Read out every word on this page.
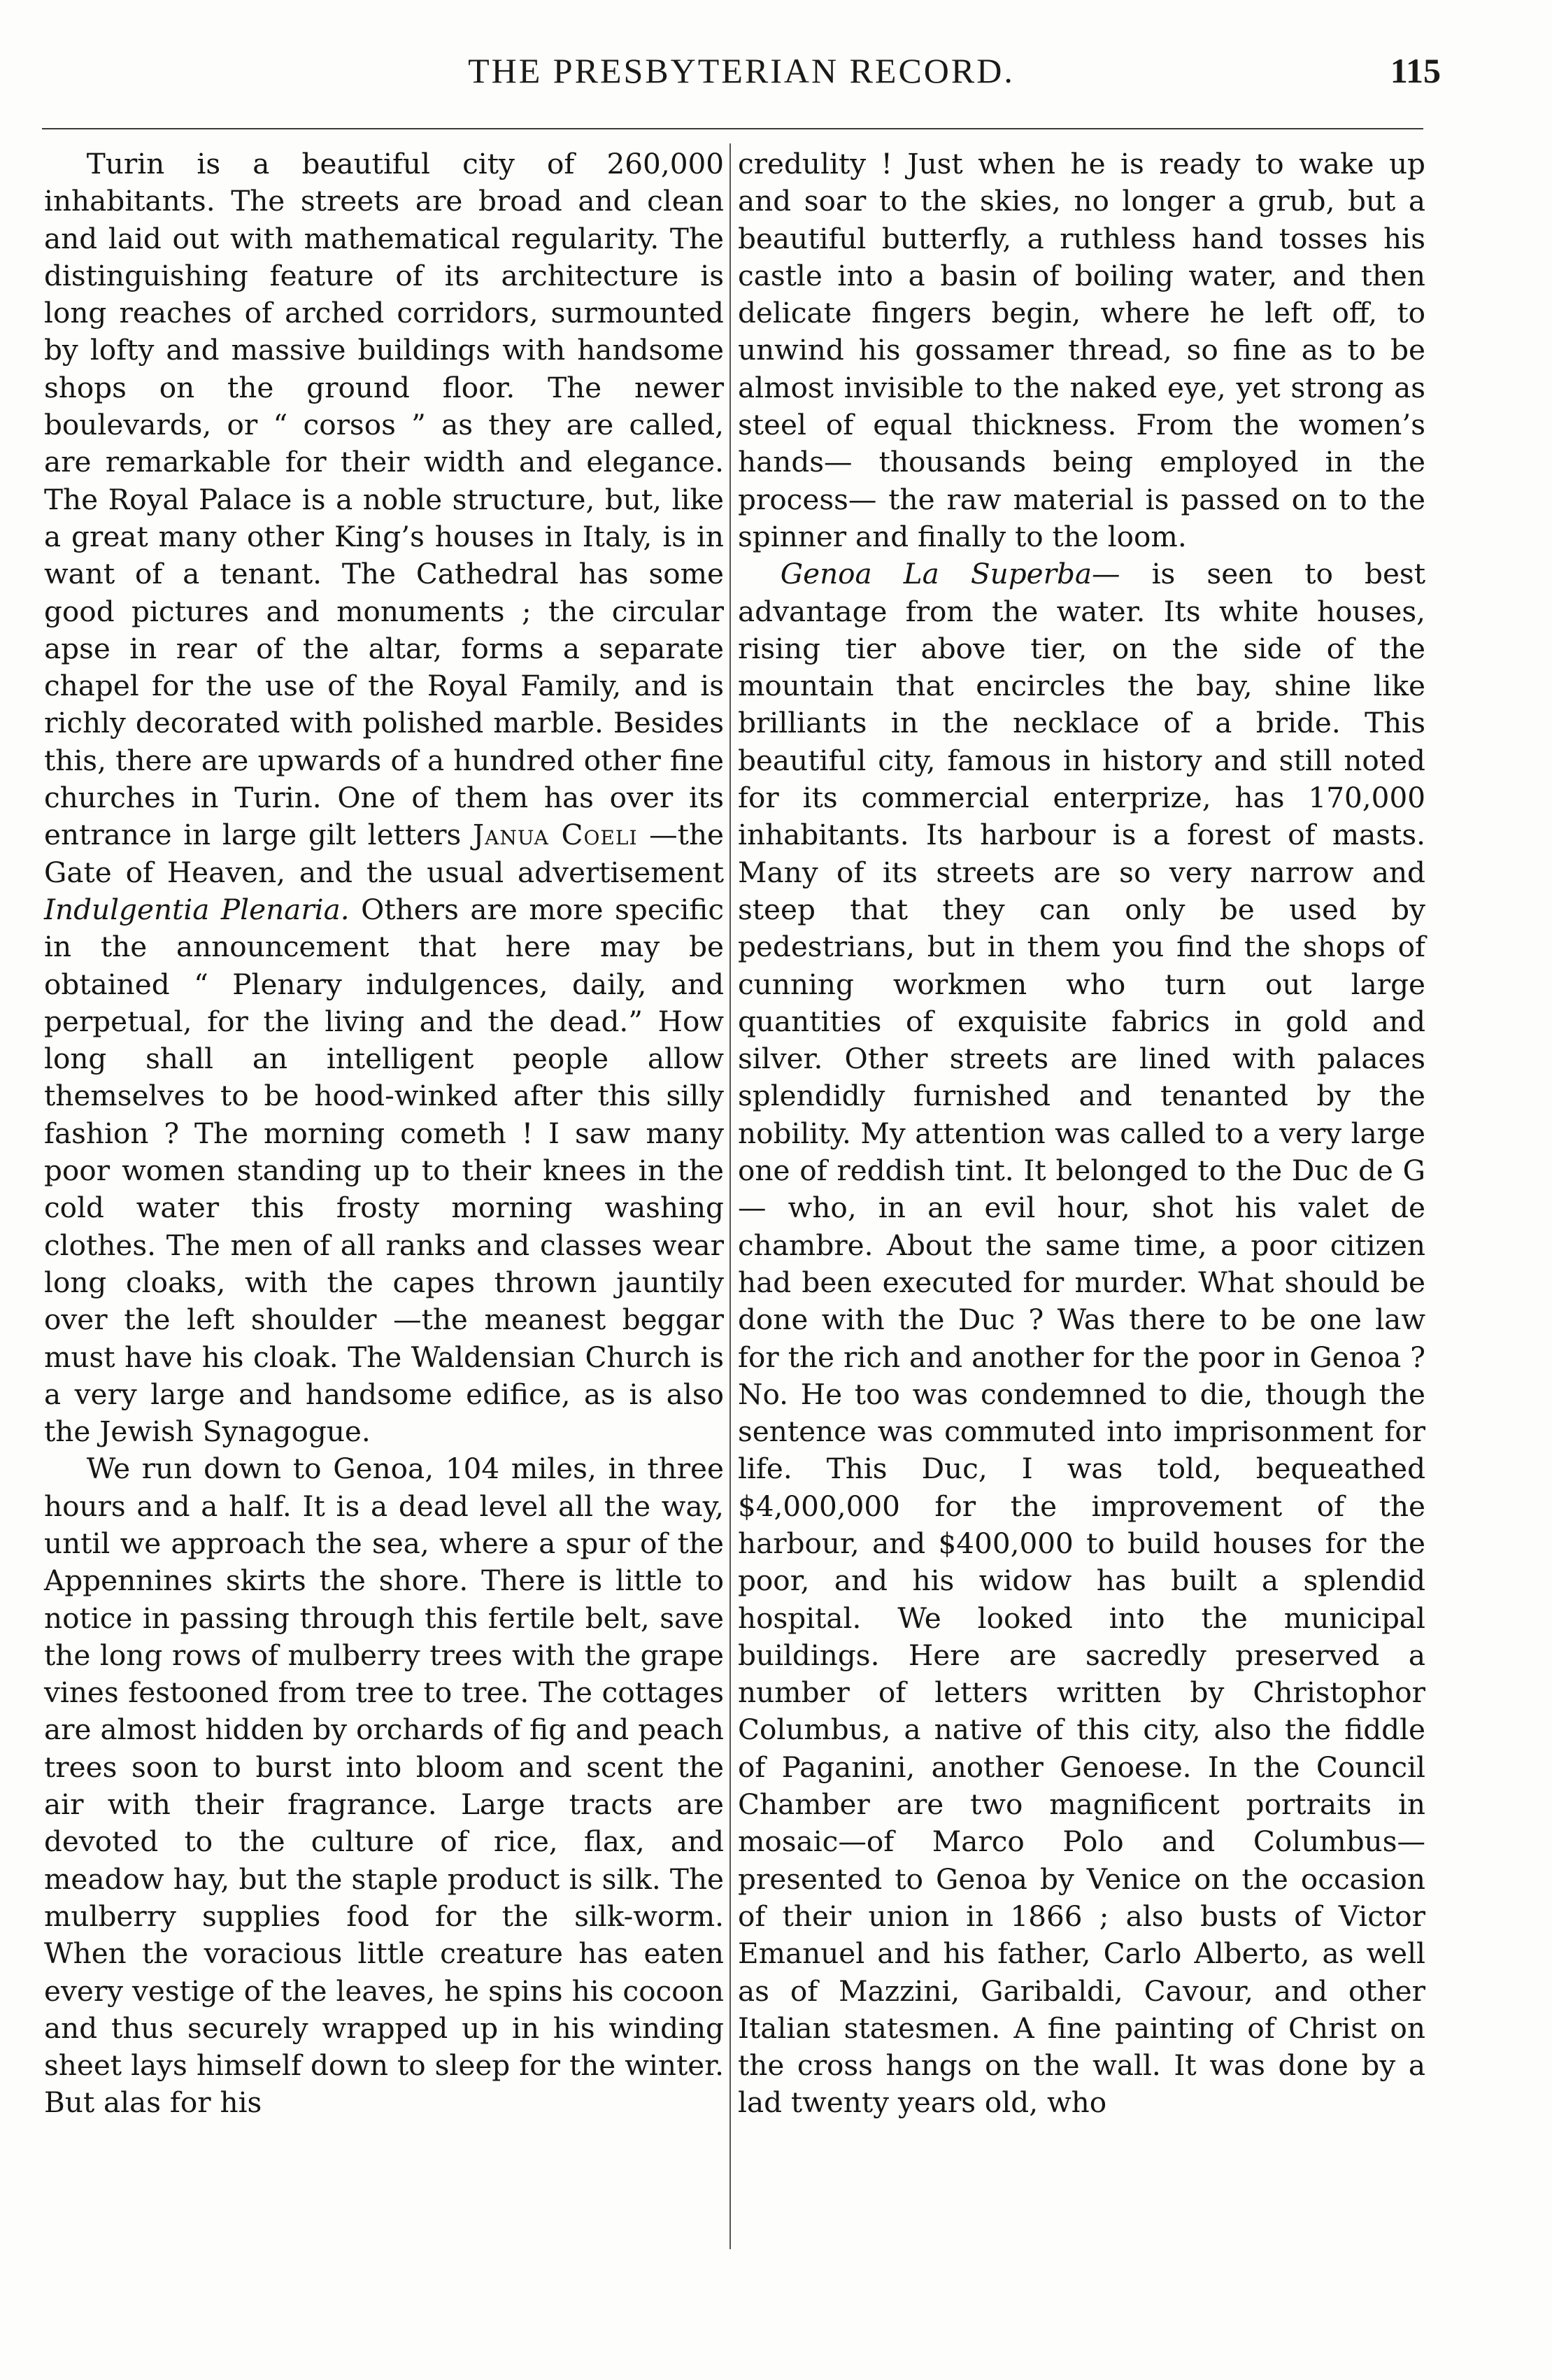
THE PRESBYTERIAN RECORD.	115

Turin is a beautiful city of 260,000 inhabitants. The streets are broad and clean and laid out with mathematical regularity. The distinguishing feature of its architecture is long reaches of arched corridors, surmounted by lofty and massive buildings with handsome shops on the ground floor. The newer boulevards, or “ corsos ” as they are called, are remarkable for their width and elegance. The Royal Palace is a noble structure, but, like a great many other King’s houses in Italy, is in want of a tenant. The Cathedral has some good pictures and monuments ; the circular apse in rear of the altar, forms a separate chapel for the use of the Royal Family, and is richly decorated with polished marble. Besides this, there are upwards of a hundred other fine churches in Turin. One of them has over its entrance in large gilt letters Janua Coeli —the Gate of Heaven, and the usual advertisement Indulgentia Plenaria. Others are more specific in the announcement that here may be obtained “ Plenary indulgences, daily, and perpetual, for the living and the dead.” How long shall an intelligent people allow themselves to be hood-winked after this silly fashion ? The morning cometh ! I saw many poor women standing up to their knees in the cold water this frosty morning washing clothes. The men of all ranks and classes wear long cloaks, with the capes thrown jauntily over the left shoulder —the meanest beggar must have his cloak. The Waldensian Church is a very large and handsome edifice, as is also the Jewish Synagogue.

We run down to Genoa, 104 miles, in three hours and a half. It is a dead level all the way, until we approach the sea, where a spur of the Appennines skirts the shore. There is little to notice in passing through this fertile belt, save the long rows of mulberry trees with the grape vines festooned from tree to tree. The cottages are almost hidden by orchards of fig and peach trees soon to burst into bloom and scent the air with their fragrance. Large tracts are devoted to the culture of rice, flax, and meadow hay, but the staple product is silk. The mulberry supplies food for the silk-worm. When the voracious little creature has eaten every vestige of the leaves, he spins his cocoon and thus securely wrapped up in his winding sheet lays himself down to sleep for the winter. But alas for his

credulity ! Just when he is ready to wake up and soar to the skies, no longer a grub, but a beautiful butterfly, a ruthless hand tosses his castle into a basin of boiling water, and then delicate fingers begin, where he left off, to unwind his gossamer thread, so fine as to be almost invisible to the naked eye, yet strong as steel of equal thickness. From the women’s hands— thousands being employed in the process— the raw material is passed on to the spinner and finally to the loom.

Genoa La Superba— is seen to best advantage from the water. Its white houses, rising tier above tier, on the side of the mountain that encircles the bay, shine like brilliants in the necklace of a bride. This beautiful city, famous in history and still noted for its commercial enterprize, has 170,000 inhabitants. Its harbour is a forest of masts. Many of its streets are so very narrow and steep that they can only be used by pedestrians, but in them you find the shops of cunning workmen who turn out large quantities of exquisite fabrics in gold and silver. Other streets are lined with palaces splendidly furnished and tenanted by the nobility. My attention was called to a very large one of reddish tint. It belonged to the Duc de G— who, in an evil hour, shot his valet de chambre. About the same time, a poor citizen had been executed for murder. What should be done with the Duc ? Was there to be one law for the rich and another for the poor in Genoa ? No. He too was condemned to die, though the sentence was commuted into imprisonment for life. This Duc, I was told, bequeathed $4,000,000 for the improvement of the harbour, and $400,000 to build houses for the poor, and his widow has built a splendid hospital. We looked into the municipal buildings. Here are sacredly preserved a number of letters written by Christophor Columbus, a native of this city, also the fiddle of Paganini, another Genoese. In the Council Chamber are two magnificent portraits in mosaic—of Marco Polo and Columbus—presented to Genoa by Venice on the occasion of their union in 1866 ; also busts of Victor Emanuel and his father, Carlo Alberto, as well as of Mazzini, Garibaldi, Cavour, and other Italian statesmen. A fine painting of Christ on the cross hangs on the wall. It was done by a lad twenty years old, who
